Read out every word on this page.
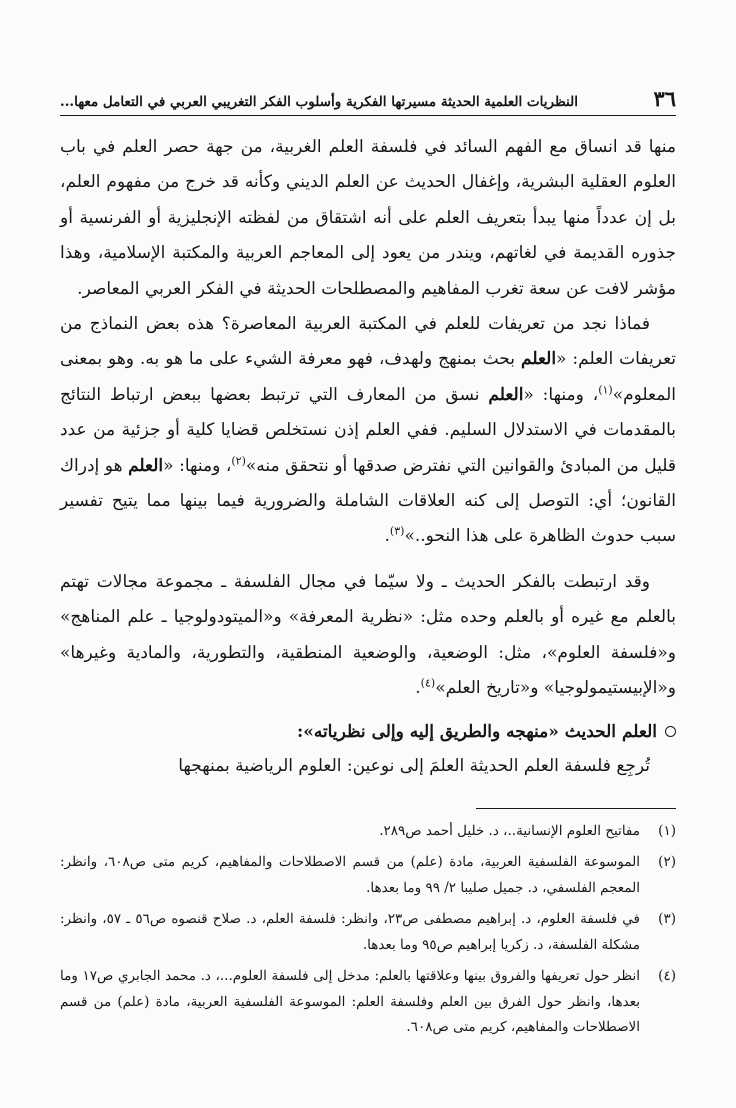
٣٦
النظريات العلمية الحديثة مسيرتها الفكرية وأسلوب الفكر التغريبي العربي في التعامل معها...

منها قد انساق مع الفهم السائد في فلسفة العلم الغربية، من جهة حصر العلم في باب العلوم العقلية البشرية، وإغفال الحديث عن العلم الديني وكأنه قد خرج من مفهوم العلم، بل إن عدداً منها يبدأ بتعريف العلم على أنه اشتقاق من لفظته الإنجليزية أو الفرنسية أو جذوره القديمة في لغاتهم، ويندر من يعود إلى المعاجم العربية والمكتبة الإسلامية، وهذا مؤشر لافت عن سعة تغرب المفاهيم والمصطلحات الحديثة في الفكر العربي المعاصر.

فماذا نجد من تعريفات للعلم في المكتبة العربية المعاصرة؟ هذه بعض النماذج من تعريفات العلم: «العلم بحث بمنهج ولهدف، فهو معرفة الشيء على ما هو به. وهو بمعنى المعلوم»$^{(١)}$، ومنها: «العلم نسق من المعارف التي ترتبط بعضها ببعض ارتباط النتائج بالمقدمات في الاستدلال السليم. ففي العلم إذن نستخلص قضايا كلية أو جزئية من عدد قليل من المبادئ والقوانين التي نفترض صدقها أو نتحقق منه»$^{(٢)}$، ومنها: «العلم هو إدراك القانون؛ أي: التوصل إلى كنه العلاقات الشاملة والضرورية فيما بينها مما يتيح تفسير سبب حدوث الظاهرة على هذا النحو..»$^{(٣)}$.

وقد ارتبطت بالفكر الحديث ـ ولا سيّما في مجال الفلسفة ـ مجموعة مجالات تهتم بالعلم مع غيره أو بالعلم وحده مثل: «نظرية المعرفة» و«الميتودولوجيا ـ علم المناهج» و«فلسفة العلوم»، مثل: الوضعية، والوضعية المنطقية، والتطورية، والمادية وغيرها» و«الإبيستيمولوجيا» و«تاريخ العلم»$^{(٤)}$.

العلم الحديث «منهجه والطريق إليه وإلى نظرياته»:

تُرجِع فلسفة العلم الحديثة العلمَ إلى نوعين: العلوم الرياضية بمنهجها

(١)
مفاتيح العلوم الإنسانية..، د. خليل أحمد ص٢٨٩.
(٢)
الموسوعة الفلسفية العربية، مادة (علم) من قسم الاصطلاحات والمفاهيم، كريم متى ص٦٠٨، وانظر: المعجم الفلسفي، د. جميل صليبا ٢/ ٩٩ وما بعدها.
(٣)
في فلسفة العلوم، د. إبراهيم مصطفى ص٢٣، وانظر: فلسفة العلم، د. صلاح قنصوه ص٥٦ ـ ٥٧، وانظر: مشكلة الفلسفة، د. زكريا إبراهيم ص٩٥ وما بعدها.
(٤)
انظر حول تعريفها والفروق بينها وعلاقتها بالعلم: مدخل إلى فلسفة العلوم...، د. محمد الجابري ص١٧ وما بعدها، وانظر حول الفرق بين العلم وفلسفة العلم: الموسوعة الفلسفية العربية، مادة (علم) من قسم الاصطلاحات والمفاهيم، كريم متى ص٦٠٨.
